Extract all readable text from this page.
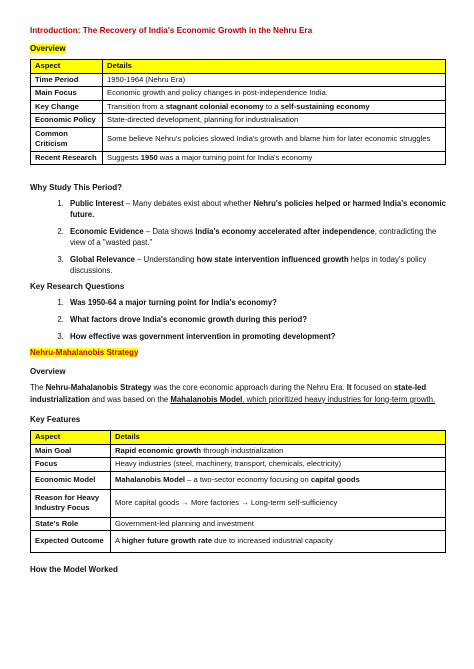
Introduction: The Recovery of India's Economic Growth in the Nehru Era
Overview
Aspect	Details
Time Period	1950-1964 (Nehru Era)
Main Focus	Economic growth and policy changes in post-independence India.
Key Change	Transition from a stagnant colonial economy to a self-sustaining economy
Economic Policy	State-directed development, planning for industrialisation
Common Criticism	Some believe Nehru's policies slowed India's growth and blame him for later economic struggles
Recent Research	Suggests 1950 was a major turning point for India's economy
Why Study This Period?
1. Public Interest – Many debates exist about whether Nehru's policies helped or harmed India's economic future.
2. Economic Evidence – Data shows India's economy accelerated after independence, contradicting the view of a "wasted past."
3. Global Relevance – Understanding how state intervention influenced growth helps in today's policy discussions.
Key Research Questions
1. Was 1950-64 a major turning point for India's economy?
2. What factors drove India's economic growth during this period?
3. How effective was government intervention in promoting development?
Nehru-Mahalanobis Strategy
Overview

The Nehru-Mahalanobis Strategy was the core economic approach during the Nehru Era. It focused on state-led industrialization and was based on the Mahalanobis Model, which prioritized heavy industries for long-term growth.

Key Features
Aspect	Details
Main Goal	Rapid economic growth through industrialization
Focus	Heavy industries (steel, machinery, transport, chemicals, electricity)
Economic Model	Mahalanobis Model – a two-sector economy focusing on capital goods
Reason for Heavy Industry Focus	More capital goods → More factories → Long-term self-sufficiency
State's Role	Government-led planning and investment
Expected Outcome	A higher future growth rate due to increased industrial capacity
How the Model Worked
